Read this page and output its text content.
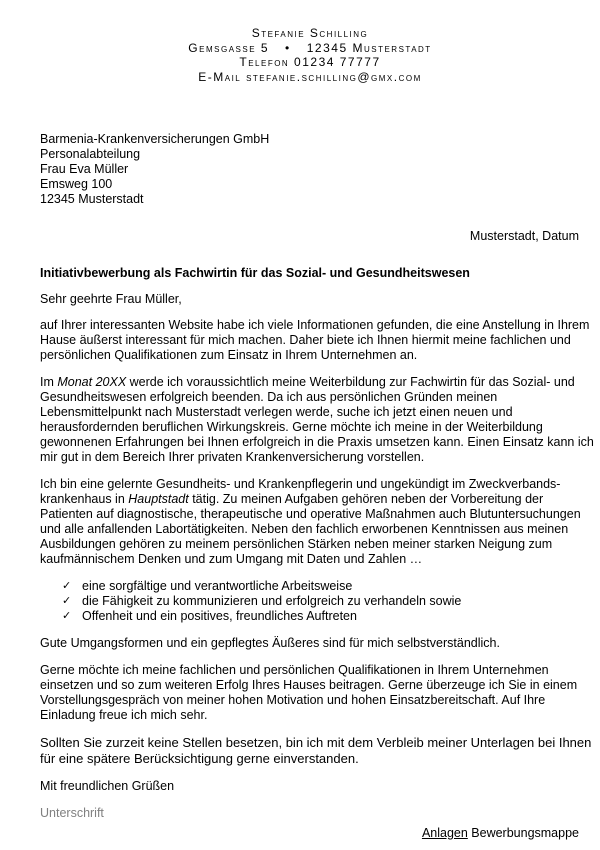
Stefanie Schilling
Gemsgasse 5 • 12345 Musterstadt
Telefon 01234 77777
E-Mail stefanie.schilling@gmx.com
Barmenia-Krankenversicherungen GmbH
Personalabteilung
Frau Eva Müller
Emsweg 100
12345 Musterstadt
Musterstadt, Datum

Initiativbewerbung als Fachwirtin für das Sozial- und Gesundheitswesen

Sehr geehrte Frau Müller,

auf Ihrer interessanten Website habe ich viele Informationen gefunden, die eine Anstellung in Ihrem
Hause äußerst interessant für mich machen. Daher biete ich Ihnen hiermit meine fachlichen und
persönlichen Qualifikationen zum Einsatz in Ihrem Unternehmen an.

Im Monat 20XX werde ich voraussichtlich meine Weiterbildung zur Fachwirtin für das Sozial- und
Gesundheitswesen erfolgreich beenden. Da ich aus persönlichen Gründen meinen
Lebensmittelpunkt nach Musterstadt verlegen werde, suche ich jetzt einen neuen und
herausfordernden beruflichen Wirkungskreis. Gerne möchte ich meine in der Weiterbildung
gewonnenen Erfahrungen bei Ihnen erfolgreich in die Praxis umsetzen kann. Einen Einsatz kann ich
mir gut in dem Bereich Ihrer privaten Krankenversicherung vorstellen.

Ich bin eine gelernte Gesundheits- und Krankenpflegerin und ungekündigt im Zweckverbands-
krankenhaus in Hauptstadt tätig. Zu meinen Aufgaben gehören neben der Vorbereitung der
Patienten auf diagnostische, therapeutische und operative Maßnahmen auch Blutuntersuchungen
und alle anfallenden Labortätigkeiten. Neben den fachlich erworbenen Kenntnissen aus meinen
Ausbildungen gehören zu meinem persönlichen Stärken neben meiner starken Neigung zum
kaufmännischem Denken und zum Umgang mit Daten und Zahlen …

✓ eine sorgfältige und verantwortliche Arbeitsweise
✓ die Fähigkeit zu kommunizieren und erfolgreich zu verhandeln sowie
✓ Offenheit und ein positives, freundliches Auftreten

Gute Umgangsformen und ein gepflegtes Äußeres sind für mich selbstverständlich.

Gerne möchte ich meine fachlichen und persönlichen Qualifikationen in Ihrem Unternehmen
einsetzen und so zum weiteren Erfolg Ihres Hauses beitragen. Gerne überzeuge ich Sie in einem
Vorstellungsgespräch von meiner hohen Motivation und hohen Einsatzbereitschaft. Auf Ihre
Einladung freue ich mich sehr.

Sollten Sie zurzeit keine Stellen besetzen, bin ich mit dem Verbleib meiner Unterlagen bei Ihnen
für eine spätere Berücksichtigung gerne einverstanden.

Mit freundlichen Grüßen

Unterschrift

Anlagen Bewerbungsmappe
